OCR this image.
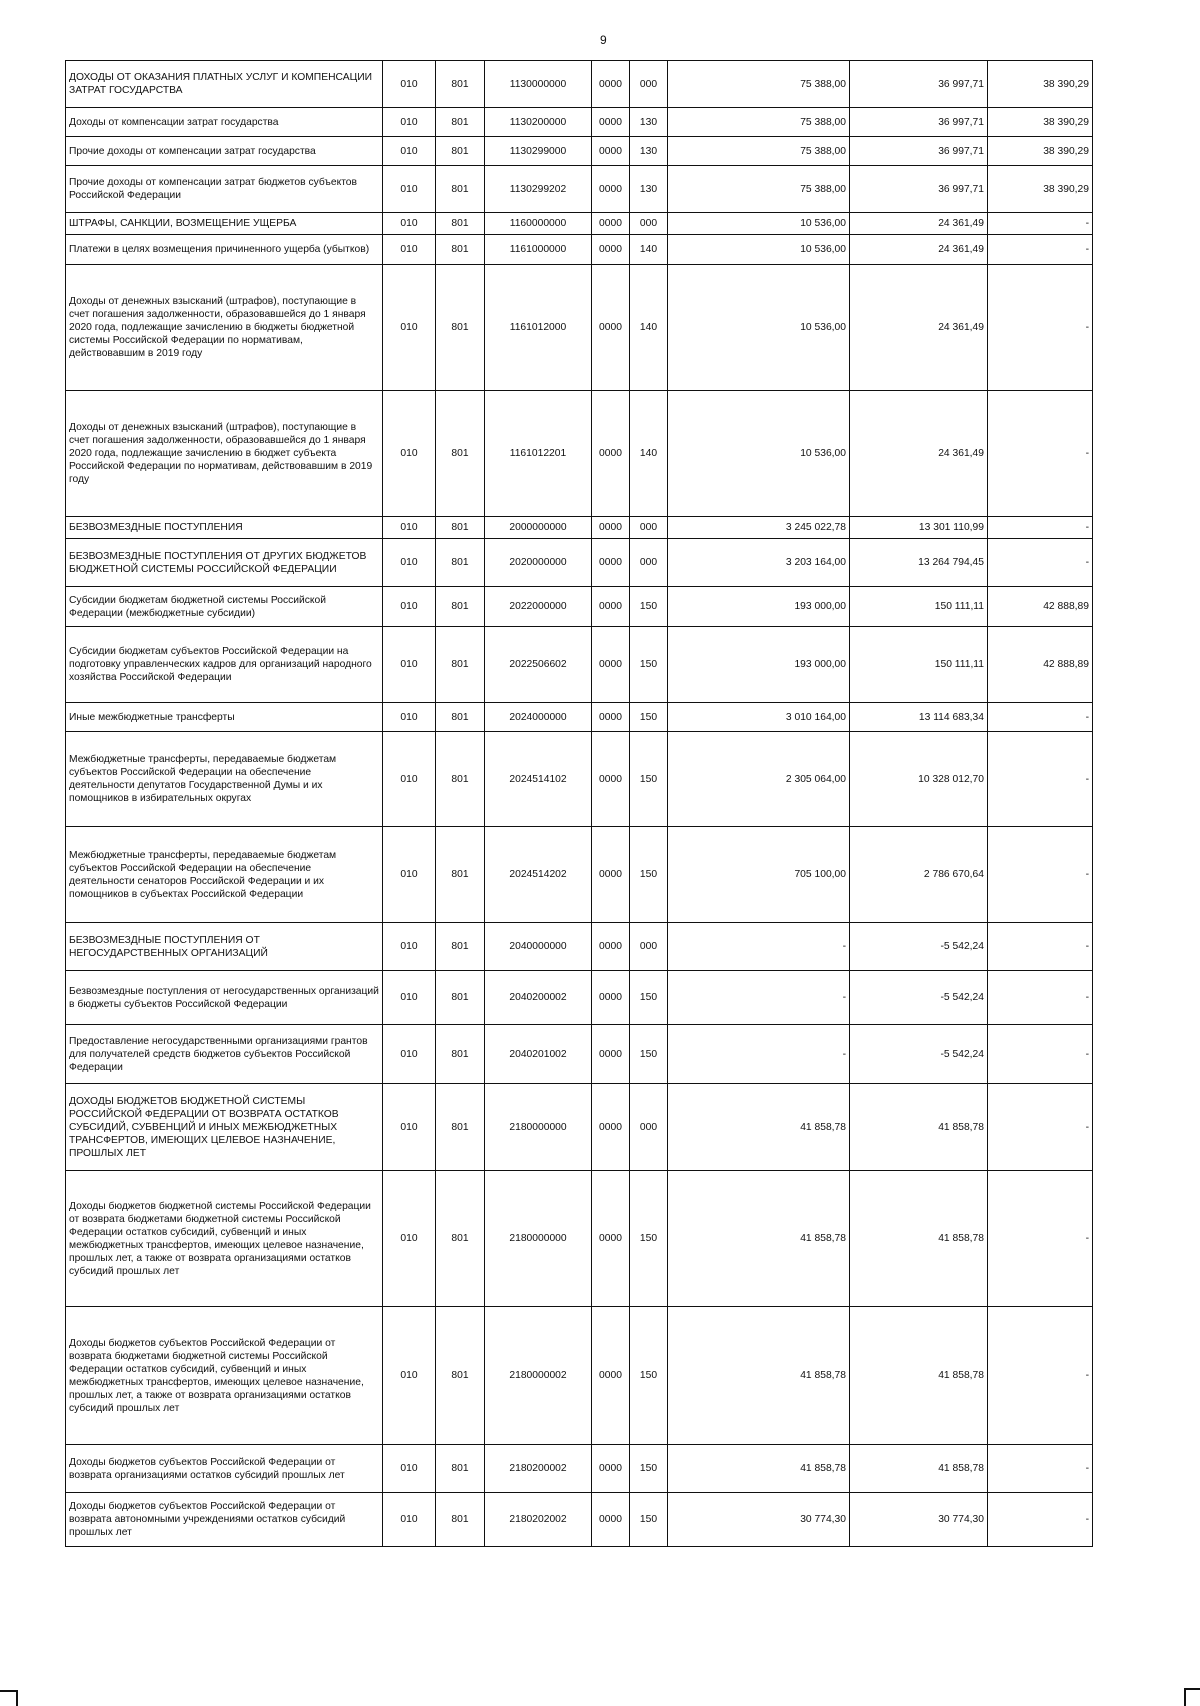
9
ДОХОДЫ ОТ ОКАЗАНИЯ ПЛАТНЫХ УСЛУГ И КОМПЕНСАЦИИ ЗАТРАТ ГОСУДАРСТВА	010	801	1130000000	0000	000	75 388,00	36 997,71	38 390,29
Доходы от компенсации затрат государства	010	801	1130200000	0000	130	75 388,00	36 997,71	38 390,29
Прочие доходы от компенсации затрат государства	010	801	1130299000	0000	130	75 388,00	36 997,71	38 390,29
Прочие доходы от компенсации затрат бюджетов субъектов Российской Федерации	010	801	1130299202	0000	130	75 388,00	36 997,71	38 390,29
ШТРАФЫ, САНКЦИИ, ВОЗМЕЩЕНИЕ УЩЕРБА	010	801	1160000000	0000	000	10 536,00	24 361,49	-
Платежи в целях возмещения причиненного ущерба (убытков)	010	801	1161000000	0000	140	10 536,00	24 361,49	-
Доходы от денежных взысканий (штрафов), поступающие в счет погашения задолженности, образовавшейся до 1 января 2020 года, подлежащие зачислению в бюджеты бюджетной системы Российской Федерации по нормативам, действовавшим в 2019 году	010	801	1161012000	0000	140	10 536,00	24 361,49	-
Доходы от денежных взысканий (штрафов), поступающие в счет погашения задолженности, образовавшейся до 1 января 2020 года, подлежащие зачислению в бюджет субъекта Российской Федерации по нормативам, действовавшим в 2019 году	010	801	1161012201	0000	140	10 536,00	24 361,49	-
БЕЗВОЗМЕЗДНЫЕ ПОСТУПЛЕНИЯ	010	801	2000000000	0000	000	3 245 022,78	13 301 110,99	-
БЕЗВОЗМЕЗДНЫЕ ПОСТУПЛЕНИЯ ОТ ДРУГИХ БЮДЖЕТОВ БЮДЖЕТНОЙ СИСТЕМЫ РОССИЙСКОЙ ФЕДЕРАЦИИ	010	801	2020000000	0000	000	3 203 164,00	13 264 794,45	-
Субсидии бюджетам бюджетной системы Российской Федерации (межбюджетные субсидии)	010	801	2022000000	0000	150	193 000,00	150 111,11	42 888,89
Субсидии бюджетам субъектов Российской Федерации на подготовку управленческих кадров для организаций народного хозяйства Российской Федерации	010	801	2022506602	0000	150	193 000,00	150 111,11	42 888,89
Иные межбюджетные трансферты	010	801	2024000000	0000	150	3 010 164,00	13 114 683,34	-
Межбюджетные трансферты, передаваемые бюджетам субъектов Российской Федерации на обеспечение деятельности депутатов Государственной Думы и их помощников в избирательных округах	010	801	2024514102	0000	150	2 305 064,00	10 328 012,70	-
Межбюджетные трансферты, передаваемые бюджетам субъектов Российской Федерации на обеспечение деятельности сенаторов Российской Федерации и их помощников в субъектах Российской Федерации	010	801	2024514202	0000	150	705 100,00	2 786 670,64	-
БЕЗВОЗМЕЗДНЫЕ ПОСТУПЛЕНИЯ ОТ НЕГОСУДАРСТВЕННЫХ ОРГАНИЗАЦИЙ	010	801	2040000000	0000	000	-	-5 542,24	-
Безвозмездные поступления от негосударственных организаций в бюджеты субъектов Российской Федерации	010	801	2040200002	0000	150	-	-5 542,24	-
Предоставление негосударственными организациями грантов для получателей средств бюджетов субъектов Российской Федерации	010	801	2040201002	0000	150	-	-5 542,24	-
ДОХОДЫ БЮДЖЕТОВ БЮДЖЕТНОЙ СИСТЕМЫ РОССИЙСКОЙ ФЕДЕРАЦИИ ОТ ВОЗВРАТА ОСТАТКОВ СУБСИДИЙ, СУБВЕНЦИЙ И ИНЫХ МЕЖБЮДЖЕТНЫХ ТРАНСФЕРТОВ, ИМЕЮЩИХ ЦЕЛЕВОЕ НАЗНАЧЕНИЕ, ПРОШЛЫХ ЛЕТ	010	801	2180000000	0000	000	41 858,78	41 858,78	-
Доходы бюджетов бюджетной системы Российской Федерации от возврата бюджетами бюджетной системы Российской Федерации остатков субсидий, субвенций и иных межбюджетных трансфертов, имеющих целевое назначение, прошлых лет, а также от возврата организациями остатков субсидий прошлых лет	010	801	2180000000	0000	150	41 858,78	41 858,78	-
Доходы бюджетов субъектов Российской Федерации от возврата бюджетами бюджетной системы Российской Федерации остатков субсидий, субвенций и иных межбюджетных трансфертов, имеющих целевое назначение, прошлых лет, а также от возврата организациями остатков субсидий прошлых лет	010	801	2180000002	0000	150	41 858,78	41 858,78	-
Доходы бюджетов субъектов Российской Федерации от возврата организациями остатков субсидий прошлых лет	010	801	2180200002	0000	150	41 858,78	41 858,78	-
Доходы бюджетов субъектов Российской Федерации от возврата автономными учреждениями остатков субсидий прошлых лет	010	801	2180202002	0000	150	30 774,30	30 774,30	-
